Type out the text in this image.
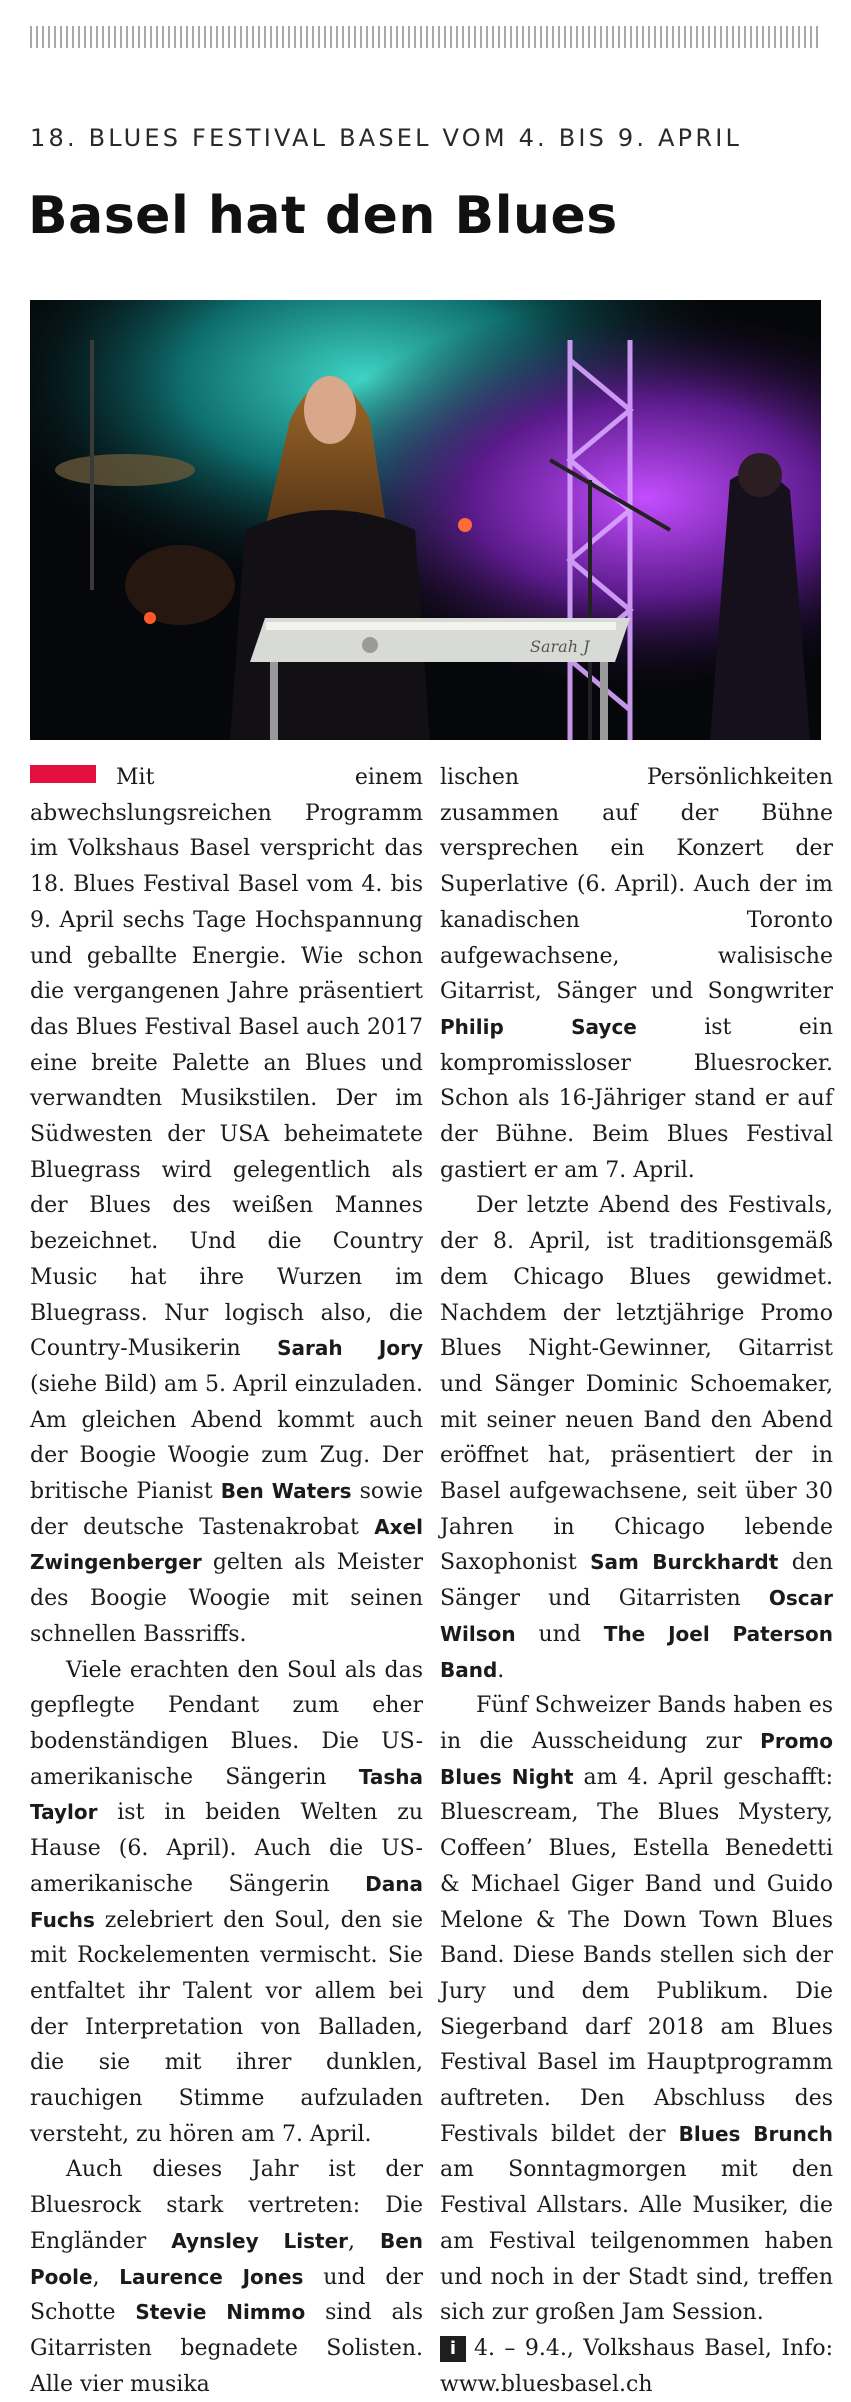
18. BLUES FESTIVAL BASEL VOM 4. BIS 9. APRIL
Basel hat den Blues
Sarah J

Mit einem abwechslungsreichen Programm im Volkshaus Basel verspricht das 18. Blues Festival Basel vom 4. bis 9. April sechs Tage Hochspannung und geballte Energie. Wie schon die vergangenen Jahre präsentiert das Blues Festival Basel auch 2017 eine breite Palette an Blues und verwandten Musikstilen. Der im Südwesten der USA beheimatete Bluegrass wird gelegentlich als der Blues des weißen Mannes bezeichnet. Und die Country Music hat ihre Wurzen im Bluegrass. Nur logisch also, die Country-Musikerin Sarah Jory (siehe Bild) am 5. April einzuladen. Am gleichen Abend kommt auch der Boogie Woogie zum Zug. Der britische Pianist Ben Waters sowie der deutsche Tastenakrobat Axel Zwingenberger gelten als Meister des Boogie Woogie mit seinen schnellen Bassriffs.

Viele erachten den Soul als das gepflegte Pendant zum eher bodenständigen Blues. Die US-amerikanische Sängerin Tasha Taylor ist in beiden Welten zu Hause (6. April). Auch die US-amerikanische Sängerin Dana Fuchs zelebriert den Soul, den sie mit Rockelementen vermischt. Sie entfaltet ihr Talent vor allem bei der Interpretation von Balladen, die sie mit ihrer dunklen, rauchigen Stimme aufzuladen versteht, zu hören am 7. April.

Auch dieses Jahr ist der Bluesrock stark vertreten: Die Engländer Aynsley Lister, Ben Poole, Laurence Jones und der Schotte Stevie Nimmo sind als Gitarristen begnadete Solisten. Alle vier musika

lischen Persönlichkeiten zusammen auf der Bühne versprechen ein Konzert der Superlative (6. April). Auch der im kanadischen Toronto aufgewachsene, walisische Gitarrist, Sänger und Songwriter Philip Sayce ist ein kompromissloser Bluesrocker. Schon als 16-Jähriger stand er auf der Bühne. Beim Blues Festival gastiert er am 7. April.

Der letzte Abend des Festivals, der 8. April, ist traditionsgemäß dem Chicago Blues gewidmet. Nachdem der letztjährige Promo Blues Night-Gewinner, Gitarrist und Sänger Dominic Schoemaker, mit seiner neuen Band den Abend eröffnet hat, präsentiert der in Basel aufgewachsene, seit über 30 Jahren in Chicago lebende Saxophonist Sam Burckhardt den Sänger und Gitarristen Oscar Wilson und The Joel Paterson Band.

Fünf Schweizer Bands haben es in die Ausscheidung zur Promo Blues Night am 4. April geschafft: Bluescream, The Blues Mystery, Coffeen’ Blues, Estella Benedetti & Michael Giger Band und Guido Melone & The Down Town Blues Band. Diese Bands stellen sich der Jury und dem Publikum. Die Siegerband darf 2018 am Blues Festival Basel im Hauptprogramm auftreten. Den Abschluss des Festivals bildet der Blues Brunch am Sonntagmorgen mit den Festival Allstars. Alle Musiker, die am Festival teilgenommen haben und noch in der Stadt sind, treffen sich zur großen Jam Session.

i 4. – 9.4., Volkshaus Basel, Info: www.bluesbasel.ch
